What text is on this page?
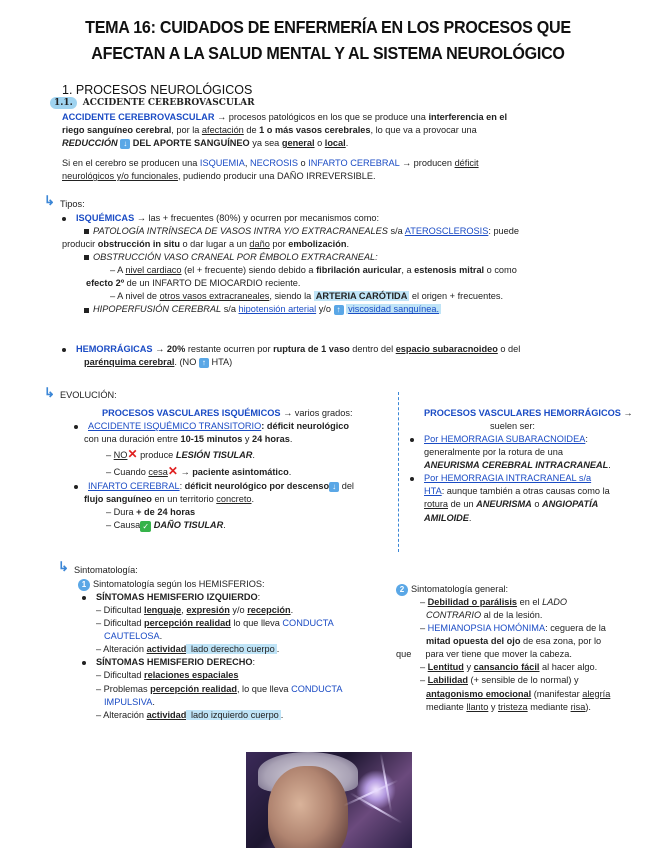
TEMA 16: CUIDADOS DE ENFERMERÍA EN LOS PROCESOS QUE
AFECTAN A LA SALUD MENTAL Y AL SISTEMA NEUROLÓGICO
1. PROCESOS NEUROLÓGICOS
1.1. ACCIDENTE CEREBROVASCULAR
ACCIDENTE CEREBROVASCULAR → procesos patológicos en los que se produce una interferencia en el
riego sanguíneo cerebral, por la afectación de 1 o más vasos cerebrales, lo que va a provocar una
REDUCCIÓN ↓ DEL APORTE SANGUÍNEO ya sea general o local.
Si en el cerebro se producen una ISQUEMIA, NECROSIS o INFARTO CEREBRAL → producen déficit
neurológicos y/o funcionales, pudiendo producir una DAÑO IRREVERSIBLE.
↳ Tipos:
ISQUÉMICAS → las + frecuentes (80%) y ocurren por mecanismos como:
PATOLOGÍA INTRÍNSECA DE VASOS INTRA Y/O EXTRACRANEALES s/a ATEROSCLEROSIS: puede
producir obstrucción in situ o dar lugar a un daño por embolización.
OBSTRUCCIÓN VASO CRANEAL POR ÉMBOLO EXTRACRANEAL:
– A nivel cardiaco (el + frecuente) siendo debido a fibrilación auricular, a estenosis mitral o como
efecto 2º de un INFARTO DE MIOCARDIO reciente.
– A nivel de otros vasos extracraneales, siendo la ARTERIA CARÓTIDA el origen + frecuentes.
HIPOPERFUSIÓN CEREBRAL s/a hipotensión arterial y/o ↑ viscosidad sanguínea.
HEMORRÁGICAS → 20% restante ocurren por ruptura de 1 vaso dentro del espacio subaracnoideo o del
parénquima cerebral. (NO ↑ HTA)
↳ EVOLUCIÓN:
PROCESOS VASCULARES ISQUÉMICOS → varios grados:
ACCIDENTE ISQUÉMICO TRANSITORIO: déficit neurológico
con una duración entre 10-15 minutos y 24 horas.
– NO✕ produce LESIÓN TISULAR.
– Cuando cesa✕ → paciente asintomático.
INFARTO CEREBRAL: déficit neurológico por descenso ↓ del
flujo sanguíneo en un territorio concreto.
– Dura + de 24 horas
– Causa ✓ DAÑO TISULAR.
PROCESOS VASCULARES HEMORRÁGICOS →
suelen ser:
Por HEMORRAGIA SUBARACNOIDEA:
generalmente por la rotura de una
ANEURISMA CEREBRAL INTRACRANEAL.
Por HEMORRAGIA INTRACRANEAL s/a
HTA: aunque también a otras causas como la
rotura de un ANEURISMA o ANGIOPATÍA
AMILOIDE.
↳ Sintomatología:
1 Sintomatología según los HEMISFERIOS:
SÍNTOMAS HEMISFERIO IZQUIERDO:
– Dificultad lenguaje, expresión y/o recepción.
– Dificultad percepción realidad lo que lleva CONDUCTA
CAUTELOSA.
– Alteración actividad lado derecho cuerpo .
SÍNTOMAS HEMISFERIO DERECHO:
– Dificultad relaciones espaciales
– Problemas percepción realidad, lo que lleva CONDUCTA
IMPULSIVA.
– Alteración actividad lado izquierdo cuerpo .
2 Sintomatología general:
– Debilidad o parálisis en el LADO
CONTRARIO al de la lesión.
– HEMIANOPSIA HOMÓNIMA: ceguera de la
mitad opuesta del ojo de esa zona, por lo
que para ver tiene que mover la cabeza.
– Lentitud y cansancio fácil al hacer algo.
– Labilidad (+ sensible de lo normal) y
antagonismo emocional (manifestar alegría
mediante llanto y tristeza mediante risa).
